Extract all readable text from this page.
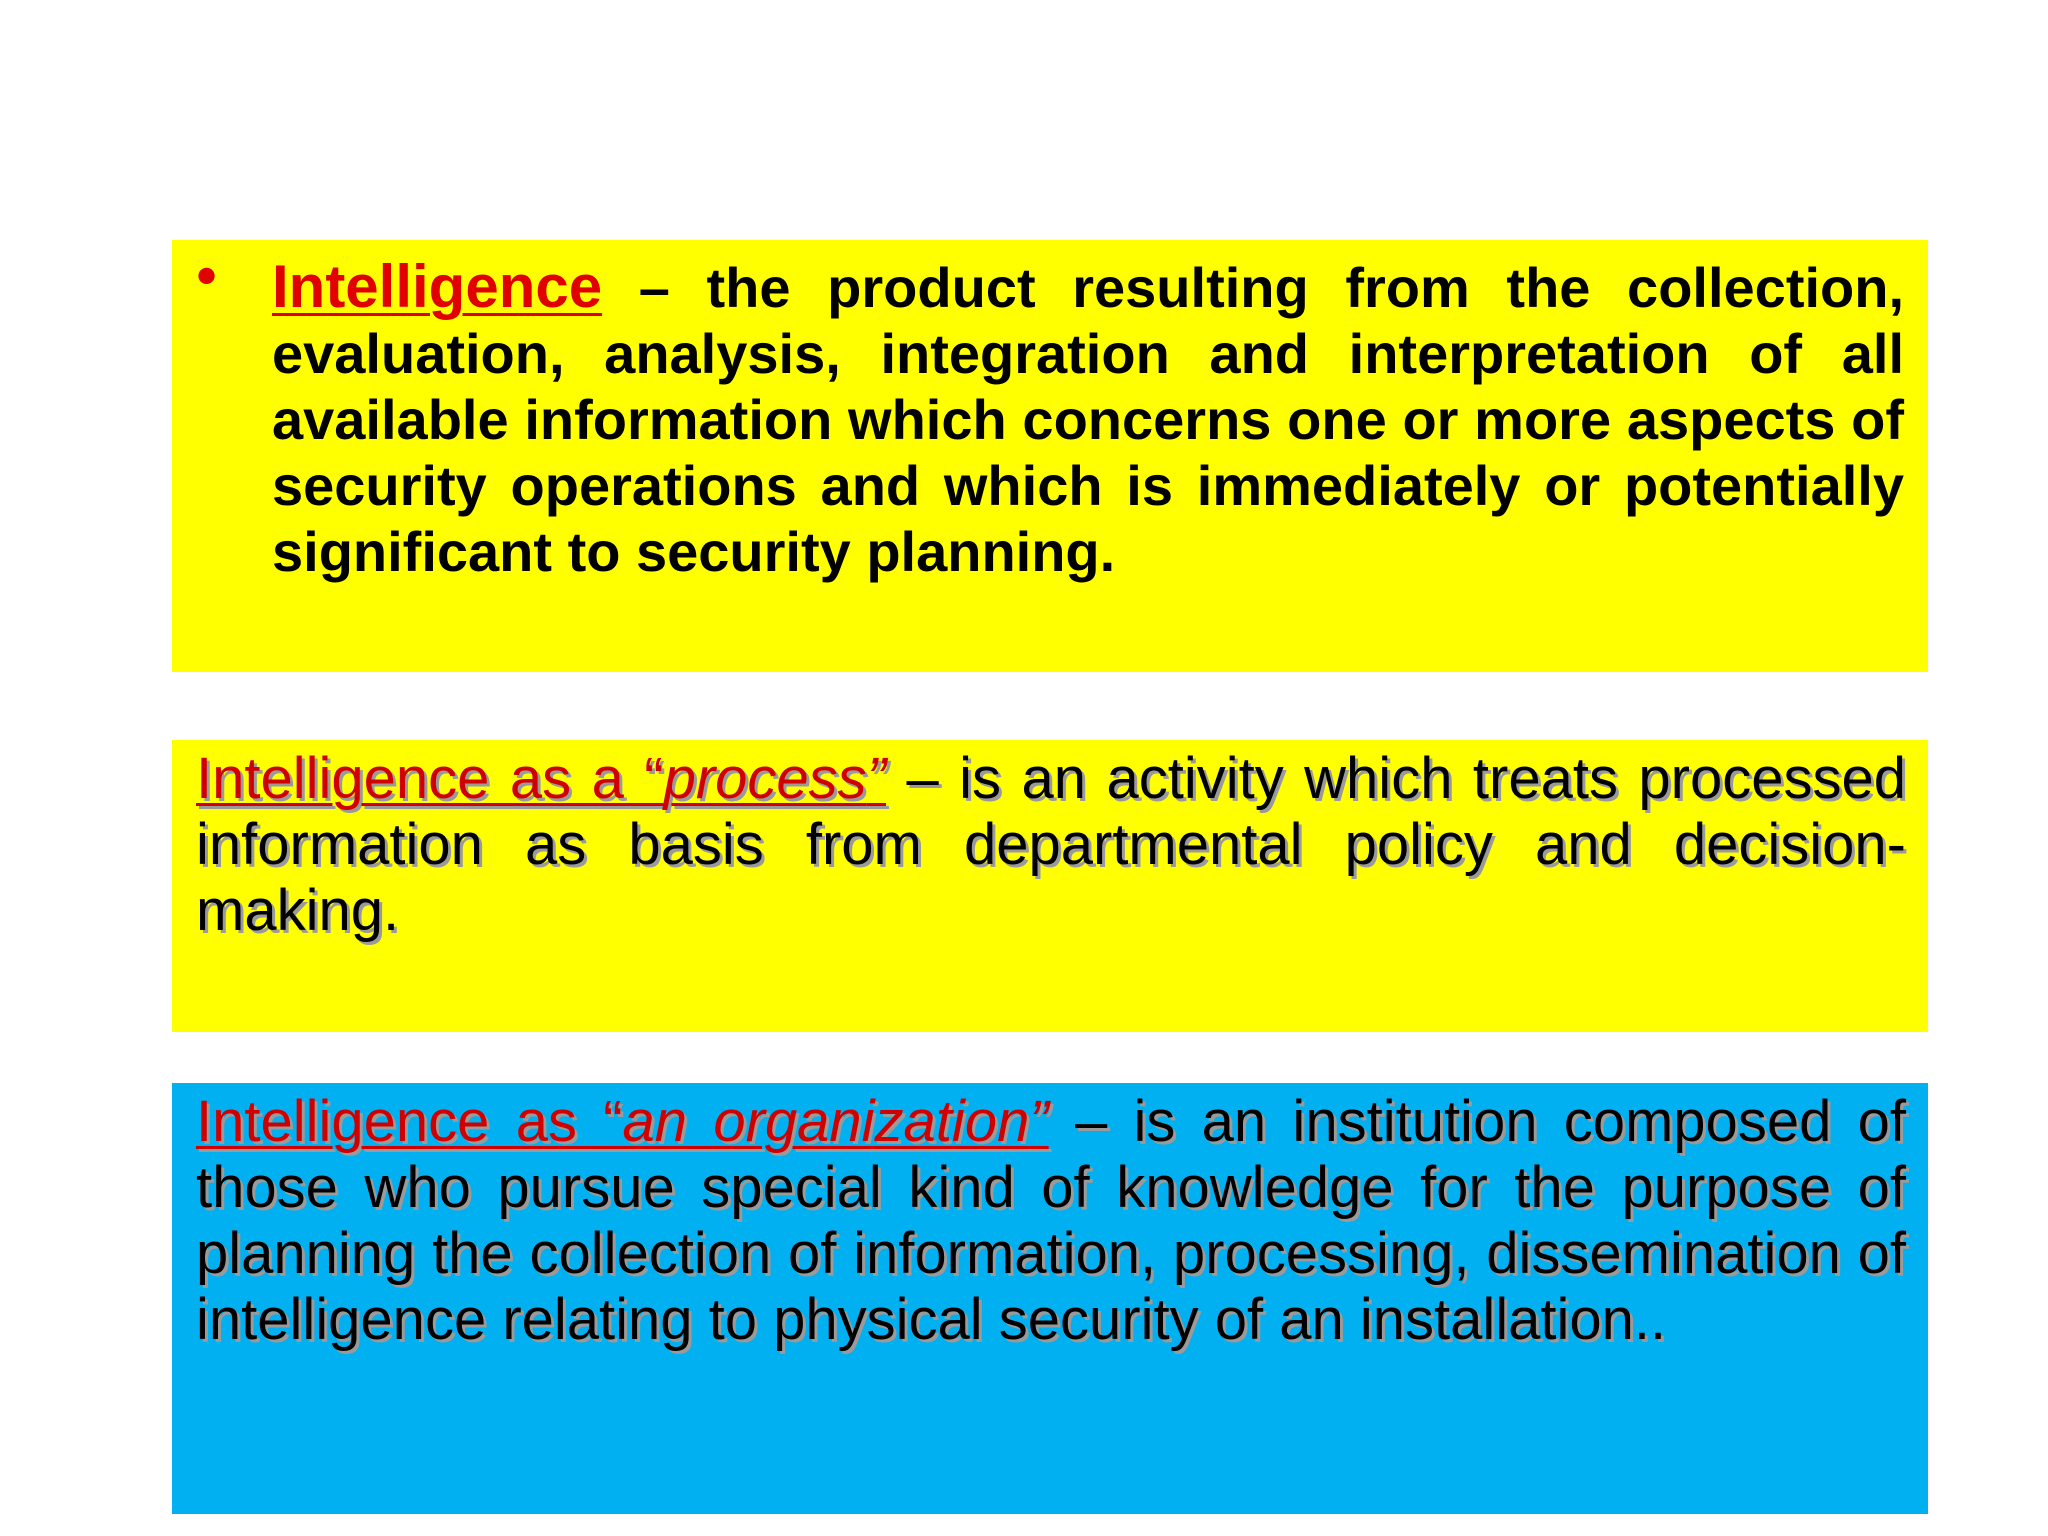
• Intelligence – the product resulting from the collection, evaluation, analysis, integration and interpretation of all available information which concerns one or more aspects of security operations and which is immediately or potentially significant to security planning.
Intelligence as a “process” – is an activity which treats processed information as basis from departmental policy and decision-making.
Intelligence as “an organization” – is an institution composed of those who pursue special kind of knowledge for the purpose of planning the collection of information, processing, dissemination of intelligence relating to physical security of an installation..
